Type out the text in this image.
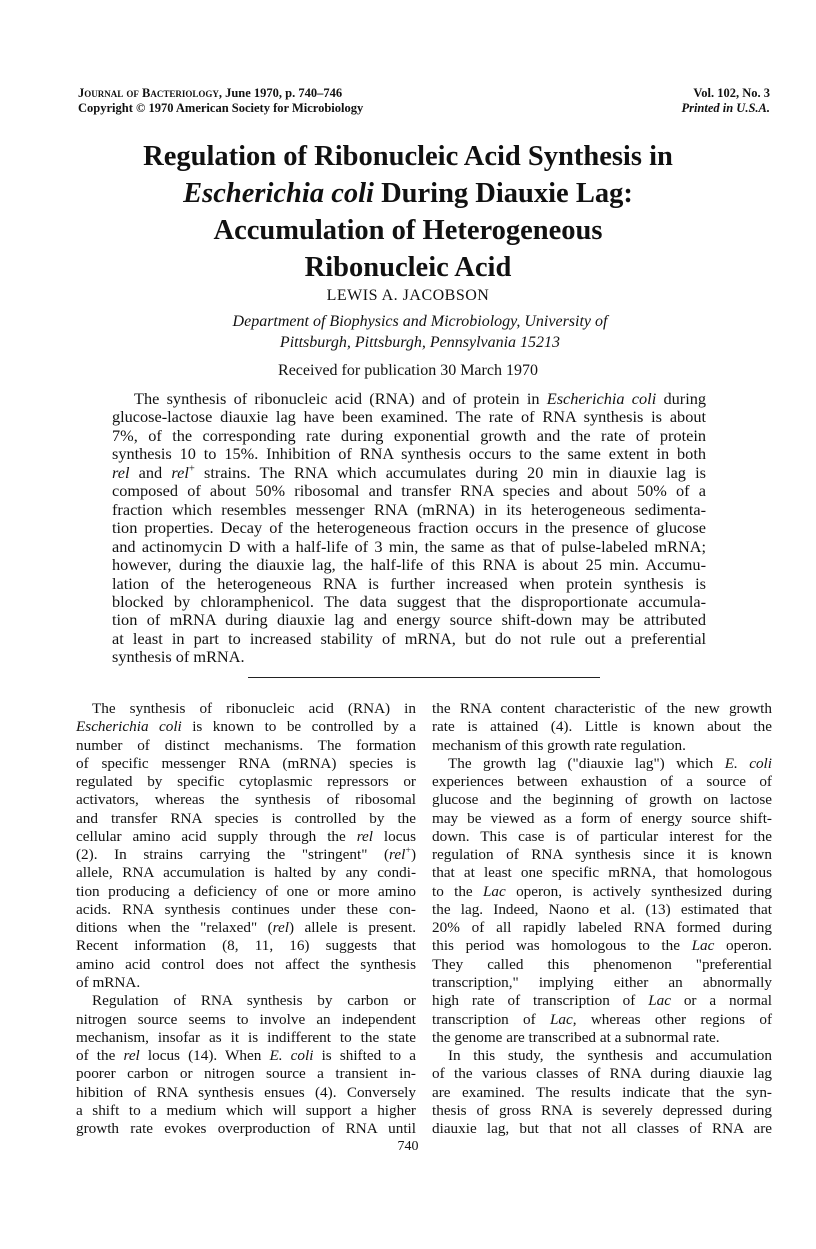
Journal of Bacteriology, June 1970, p. 740–746
Copyright © 1970 American Society for Microbiology
Vol. 102, No. 3
Printed in U.S.A.
Regulation of Ribonucleic Acid Synthesis in
Escherichia coli During Diauxie Lag:
Accumulation of Heterogeneous
Ribonucleic Acid
LEWIS A. JACOBSON
Department of Biophysics and Microbiology, University of
Pittsburgh, Pittsburgh, Pennsylvania 15213
Received for publication 30 March 1970
The synthesis of ribonucleic acid (RNA) and of protein in Escherichia coli during
glucose-lactose diauxie lag have been examined. The rate of RNA synthesis is about
7%, of the corresponding rate during exponential growth and the rate of protein
synthesis 10 to 15%. Inhibition of RNA synthesis occurs to the same extent in both
rel and rel+ strains. The RNA which accumulates during 20 min in diauxie lag is
composed of about 50% ribosomal and transfer RNA species and about 50% of a
fraction which resembles messenger RNA (mRNA) in its heterogeneous sedimenta-
tion properties. Decay of the heterogeneous fraction occurs in the presence of glucose
and actinomycin D with a half-life of 3 min, the same as that of pulse-labeled mRNA;
however, during the diauxie lag, the half-life of this RNA is about 25 min. Accumu-
lation of the heterogeneous RNA is further increased when protein synthesis is
blocked by chloramphenicol. The data suggest that the disproportionate accumula-
tion of mRNA during diauxie lag and energy source shift-down may be attributed
at least in part to increased stability of mRNA, but do not rule out a preferential
synthesis of mRNA.
The synthesis of ribonucleic acid (RNA) in
Escherichia coli is known to be controlled by a
number of distinct mechanisms. The formation
of specific messenger RNA (mRNA) species is
regulated by specific cytoplasmic repressors or
activators, whereas the synthesis of ribosomal
and transfer RNA species is controlled by the
cellular amino acid supply through the rel locus
(2). In strains carrying the "stringent" (rel+)
allele, RNA accumulation is halted by any condi-
tion producing a deficiency of one or more amino
acids. RNA synthesis continues under these con-
ditions when the "relaxed" (rel) allele is present.
Recent information (8, 11, 16) suggests that
amino acid control does not affect the synthesis
of mRNA.
Regulation of RNA synthesis by carbon or
nitrogen source seems to involve an independent
mechanism, insofar as it is indifferent to the state
of the rel locus (14). When E. coli is shifted to a
poorer carbon or nitrogen source a transient in-
hibition of RNA synthesis ensues (4). Conversely
a shift to a medium which will support a higher
growth rate evokes overproduction of RNA until
the RNA content characteristic of the new growth
rate is attained (4). Little is known about the
mechanism of this growth rate regulation.
The growth lag ("diauxie lag") which E. coli
experiences between exhaustion of a source of
glucose and the beginning of growth on lactose
may be viewed as a form of energy source shift-
down. This case is of particular interest for the
regulation of RNA synthesis since it is known
that at least one specific mRNA, that homologous
to the Lac operon, is actively synthesized during
the lag. Indeed, Naono et al. (13) estimated that
20% of all rapidly labeled RNA formed during
this period was homologous to the Lac operon.
They called this phenomenon "preferential
transcription," implying either an abnormally
high rate of transcription of Lac or a normal
transcription of Lac, whereas other regions of
the genome are transcribed at a subnormal rate.
In this study, the synthesis and accumulation
of the various classes of RNA during diauxie lag
are examined. The results indicate that the syn-
thesis of gross RNA is severely depressed during
diauxie lag, but that not all classes of RNA are
740
